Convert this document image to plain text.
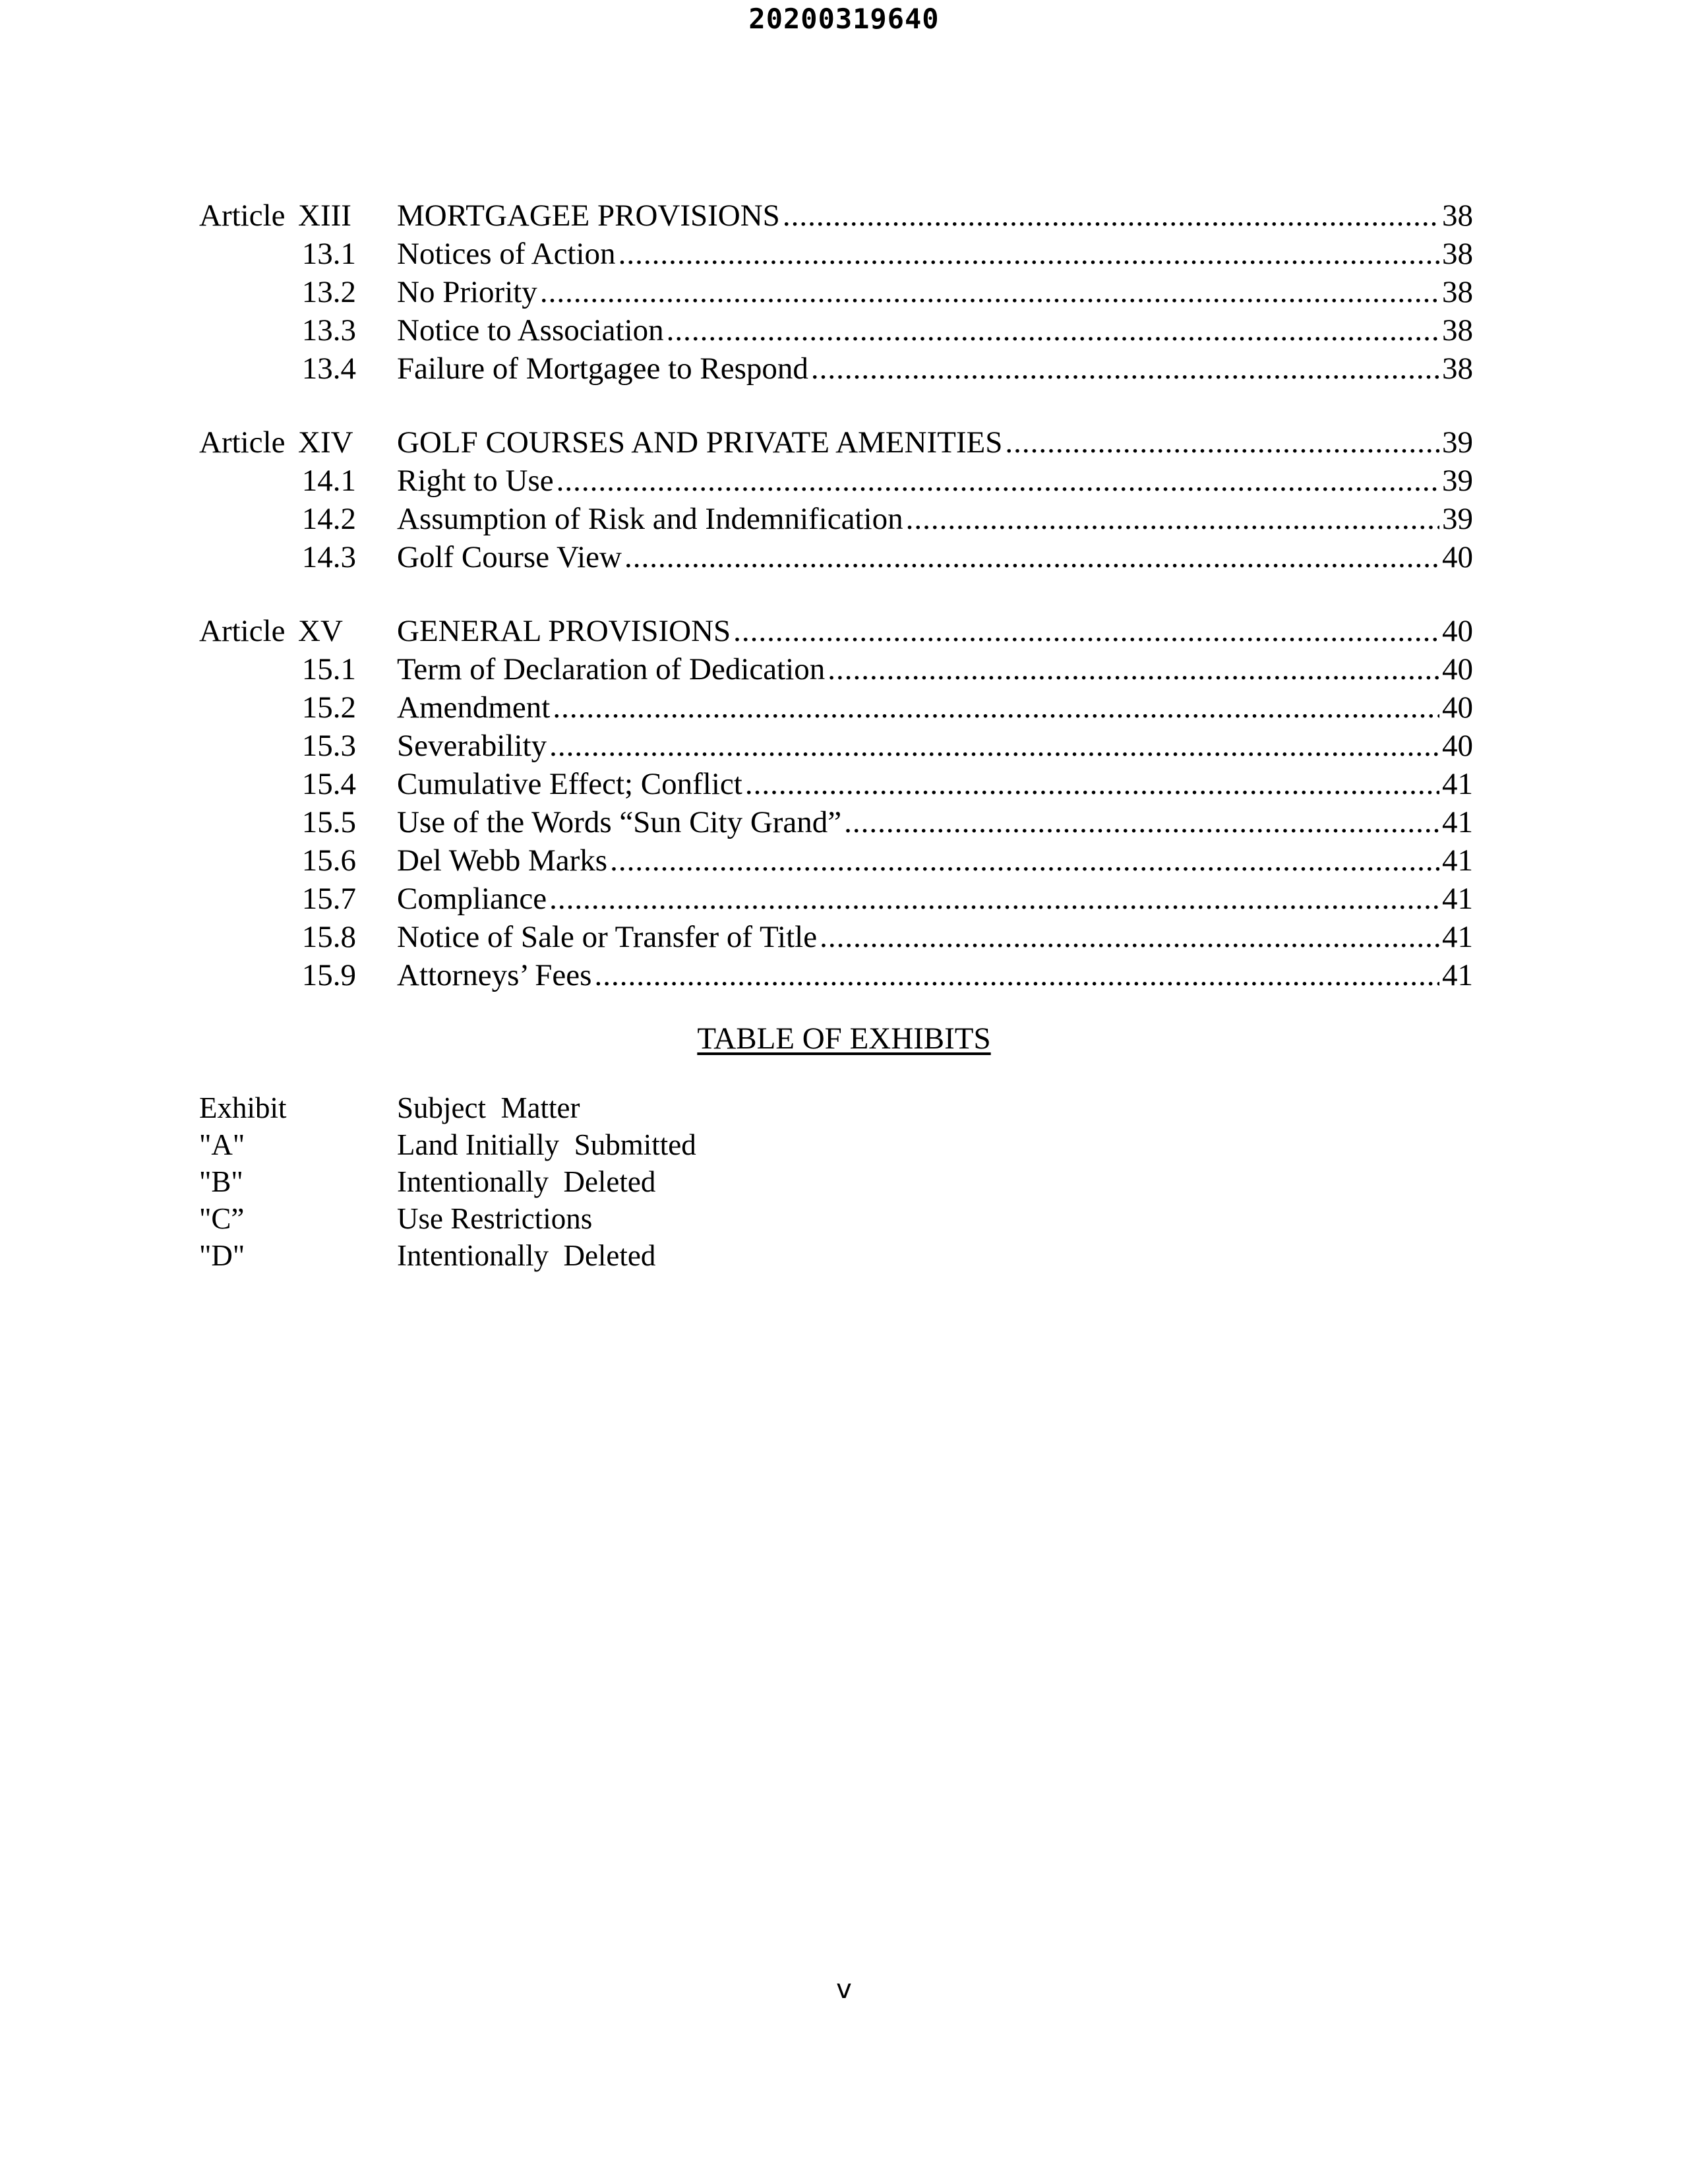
20200319640
Article XIII MORTGAGEE PROVISIONS .....	38
13.1 Notices of Action .....	38
13.2 No Priority .....	38
13.3 Notice to Association .....	38
13.4 Failure of Mortgagee to Respond .....	38
Article XIV GOLF COURSES AND PRIVATE AMENITIES .....	39
14.1 Right to Use .....	39
14.2 Assumption of Risk and Indemnification .....	39
14.3 Golf Course View .....	40
Article XV	GENERAL PROVISIONS .....	40
15.1 Term of Declaration of Dedication .....	40
15.2 Amendment .....	40
15.3 Severability .....	40
15.4 Cumulative Effect; Conflict .....	41
15.5 Use of the Words “Sun City Grand” .....	41
15.6 Del Webb Marks .....	41
15.7 Compliance .....	41
15.8 Notice of Sale or Transfer of Title .....	41
15.9 Attorneys’ Fees .....	41
TABLE OF EXHIBITS
Exhibit	Subject  Matter
"A"	Land Initially  Submitted
"B"	Intentionally  Deleted
"C”	Use Restrictions
"D"	Intentionally  Deleted
v
